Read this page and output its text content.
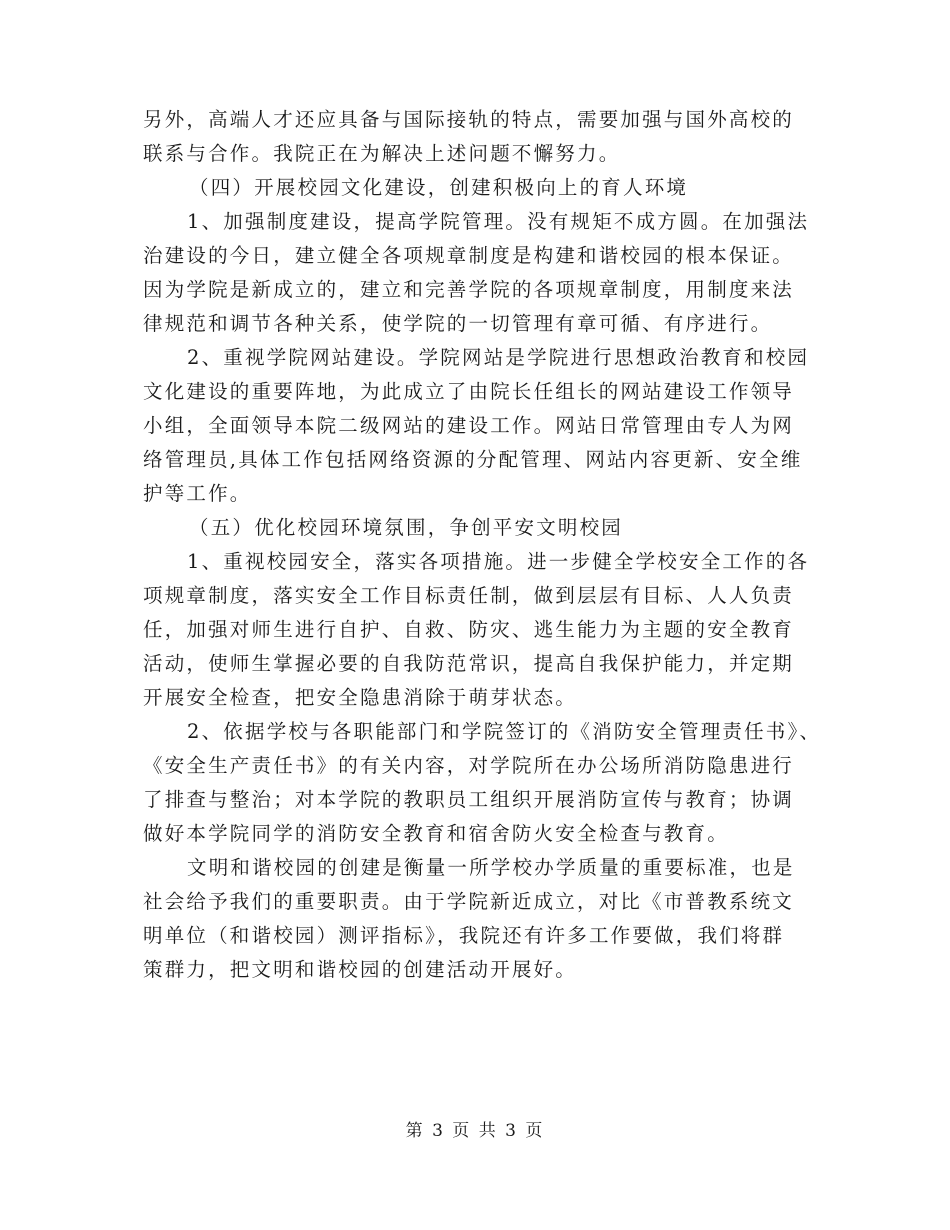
另外，高端人才还应具备与国际接轨的特点，需要加强与国外高校的
联系与合作。我院正在为解决上述问题不懈努力。
（四）开展校园文化建设，创建积极向上的育人环境
1、加强制度建设，提高学院管理。没有规矩不成方圆。在加强法
治建设的今日，建立健全各项规章制度是构建和谐校园的根本保证。
因为学院是新成立的，建立和完善学院的各项规章制度，用制度来法
律规范和调节各种关系，使学院的一切管理有章可循、有序进行。
2、重视学院网站建设。学院网站是学院进行思想政治教育和校园
文化建设的重要阵地，为此成立了由院长任组长的网站建设工作领导
小组，全面领导本院二级网站的建设工作。网站日常管理由专人为网
络管理员,具体工作包括网络资源的分配管理、网站内容更新、安全维
护等工作。
（五）优化校园环境氛围，争创平安文明校园
1、重视校园安全，落实各项措施。进一步健全学校安全工作的各
项规章制度，落实安全工作目标责任制，做到层层有目标、人人负责
任，加强对师生进行自护、自救、防灾、逃生能力为主题的安全教育
活动，使师生掌握必要的自我防范常识，提高自我保护能力，并定期
开展安全检查，把安全隐患消除于萌芽状态。
2、依据学校与各职能部门和学院签订的《消防安全管理责任书》、
《安全生产责任书》的有关内容，对学院所在办公场所消防隐患进行
了排查与整治；对本学院的教职员工组织开展消防宣传与教育；协调
做好本学院同学的消防安全教育和宿舍防火安全检查与教育。
文明和谐校园的创建是衡量一所学校办学质量的重要标准，也是
社会给予我们的重要职责。由于学院新近成立，对比《市普教系统文
明单位（和谐校园）测评指标》，我院还有许多工作要做，我们将群
策群力，把文明和谐校园的创建活动开展好。
第 3 页 共 3 页
